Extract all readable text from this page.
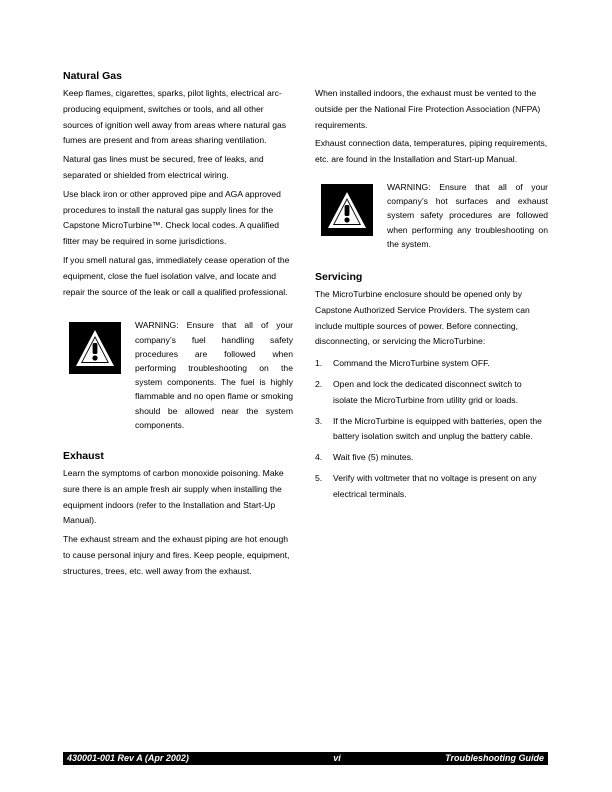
Natural Gas

Keep flames, cigarettes, sparks, pilot lights, electrical arc-producing equipment, switches or tools, and all other sources of ignition well away from areas where natural gas fumes are present and from areas sharing ventilation.

Natural gas lines must be secured, free of leaks, and separated or shielded from electrical wiring.

Use black iron or other approved pipe and AGA approved procedures to install the natural gas supply lines for the Capstone MicroTurbine™. Check local codes. A qualified fitter may be required in some jurisdictions.

If you smell natural gas, immediately cease operation of the equipment, close the fuel isolation valve, and locate and repair the source of the leak or call a qualified professional.

WARNING: Ensure that all of your company’s fuel handling safety procedures are followed when performing troubleshooting on the system components. The fuel is highly flammable and no open flame or smoking should be allowed near the system components.
Exhaust

Learn the symptoms of carbon monoxide poisoning. Make sure there is an ample fresh air supply when installing the equipment indoors (refer to the Installation and Start-Up Manual).

The exhaust stream and the exhaust piping are hot enough to cause personal injury and fires. Keep people, equipment, structures, trees, etc. well away from the exhaust.

When installed indoors, the exhaust must be vented to the outside per the National Fire Protection Association (NFPA) requirements.

Exhaust connection data, temperatures, piping requirements, etc. are found in the Installation and Start-up Manual.

WARNING: Ensure that all of your company’s hot surfaces and exhaust system safety procedures are followed when performing any troubleshooting on the system.
Servicing

The MicroTurbine enclosure should be opened only by Capstone Authorized Service Providers. The system can include multiple sources of power. Before connecting, disconnecting, or servicing the MicroTurbine:

1.	Command the MicroTurbine system OFF.
2.	Open and lock the dedicated disconnect switch to isolate the MicroTurbine from utility grid or loads.
3.	If the MicroTurbine is equipped with batteries, open the battery isolation switch and unplug the battery cable.
4.	Wait five (5) minutes.
5.	Verify with voltmeter that no voltage is present on any electrical terminals.
430001-001 Rev A (Apr 2002)	vi	Troubleshooting Guide
